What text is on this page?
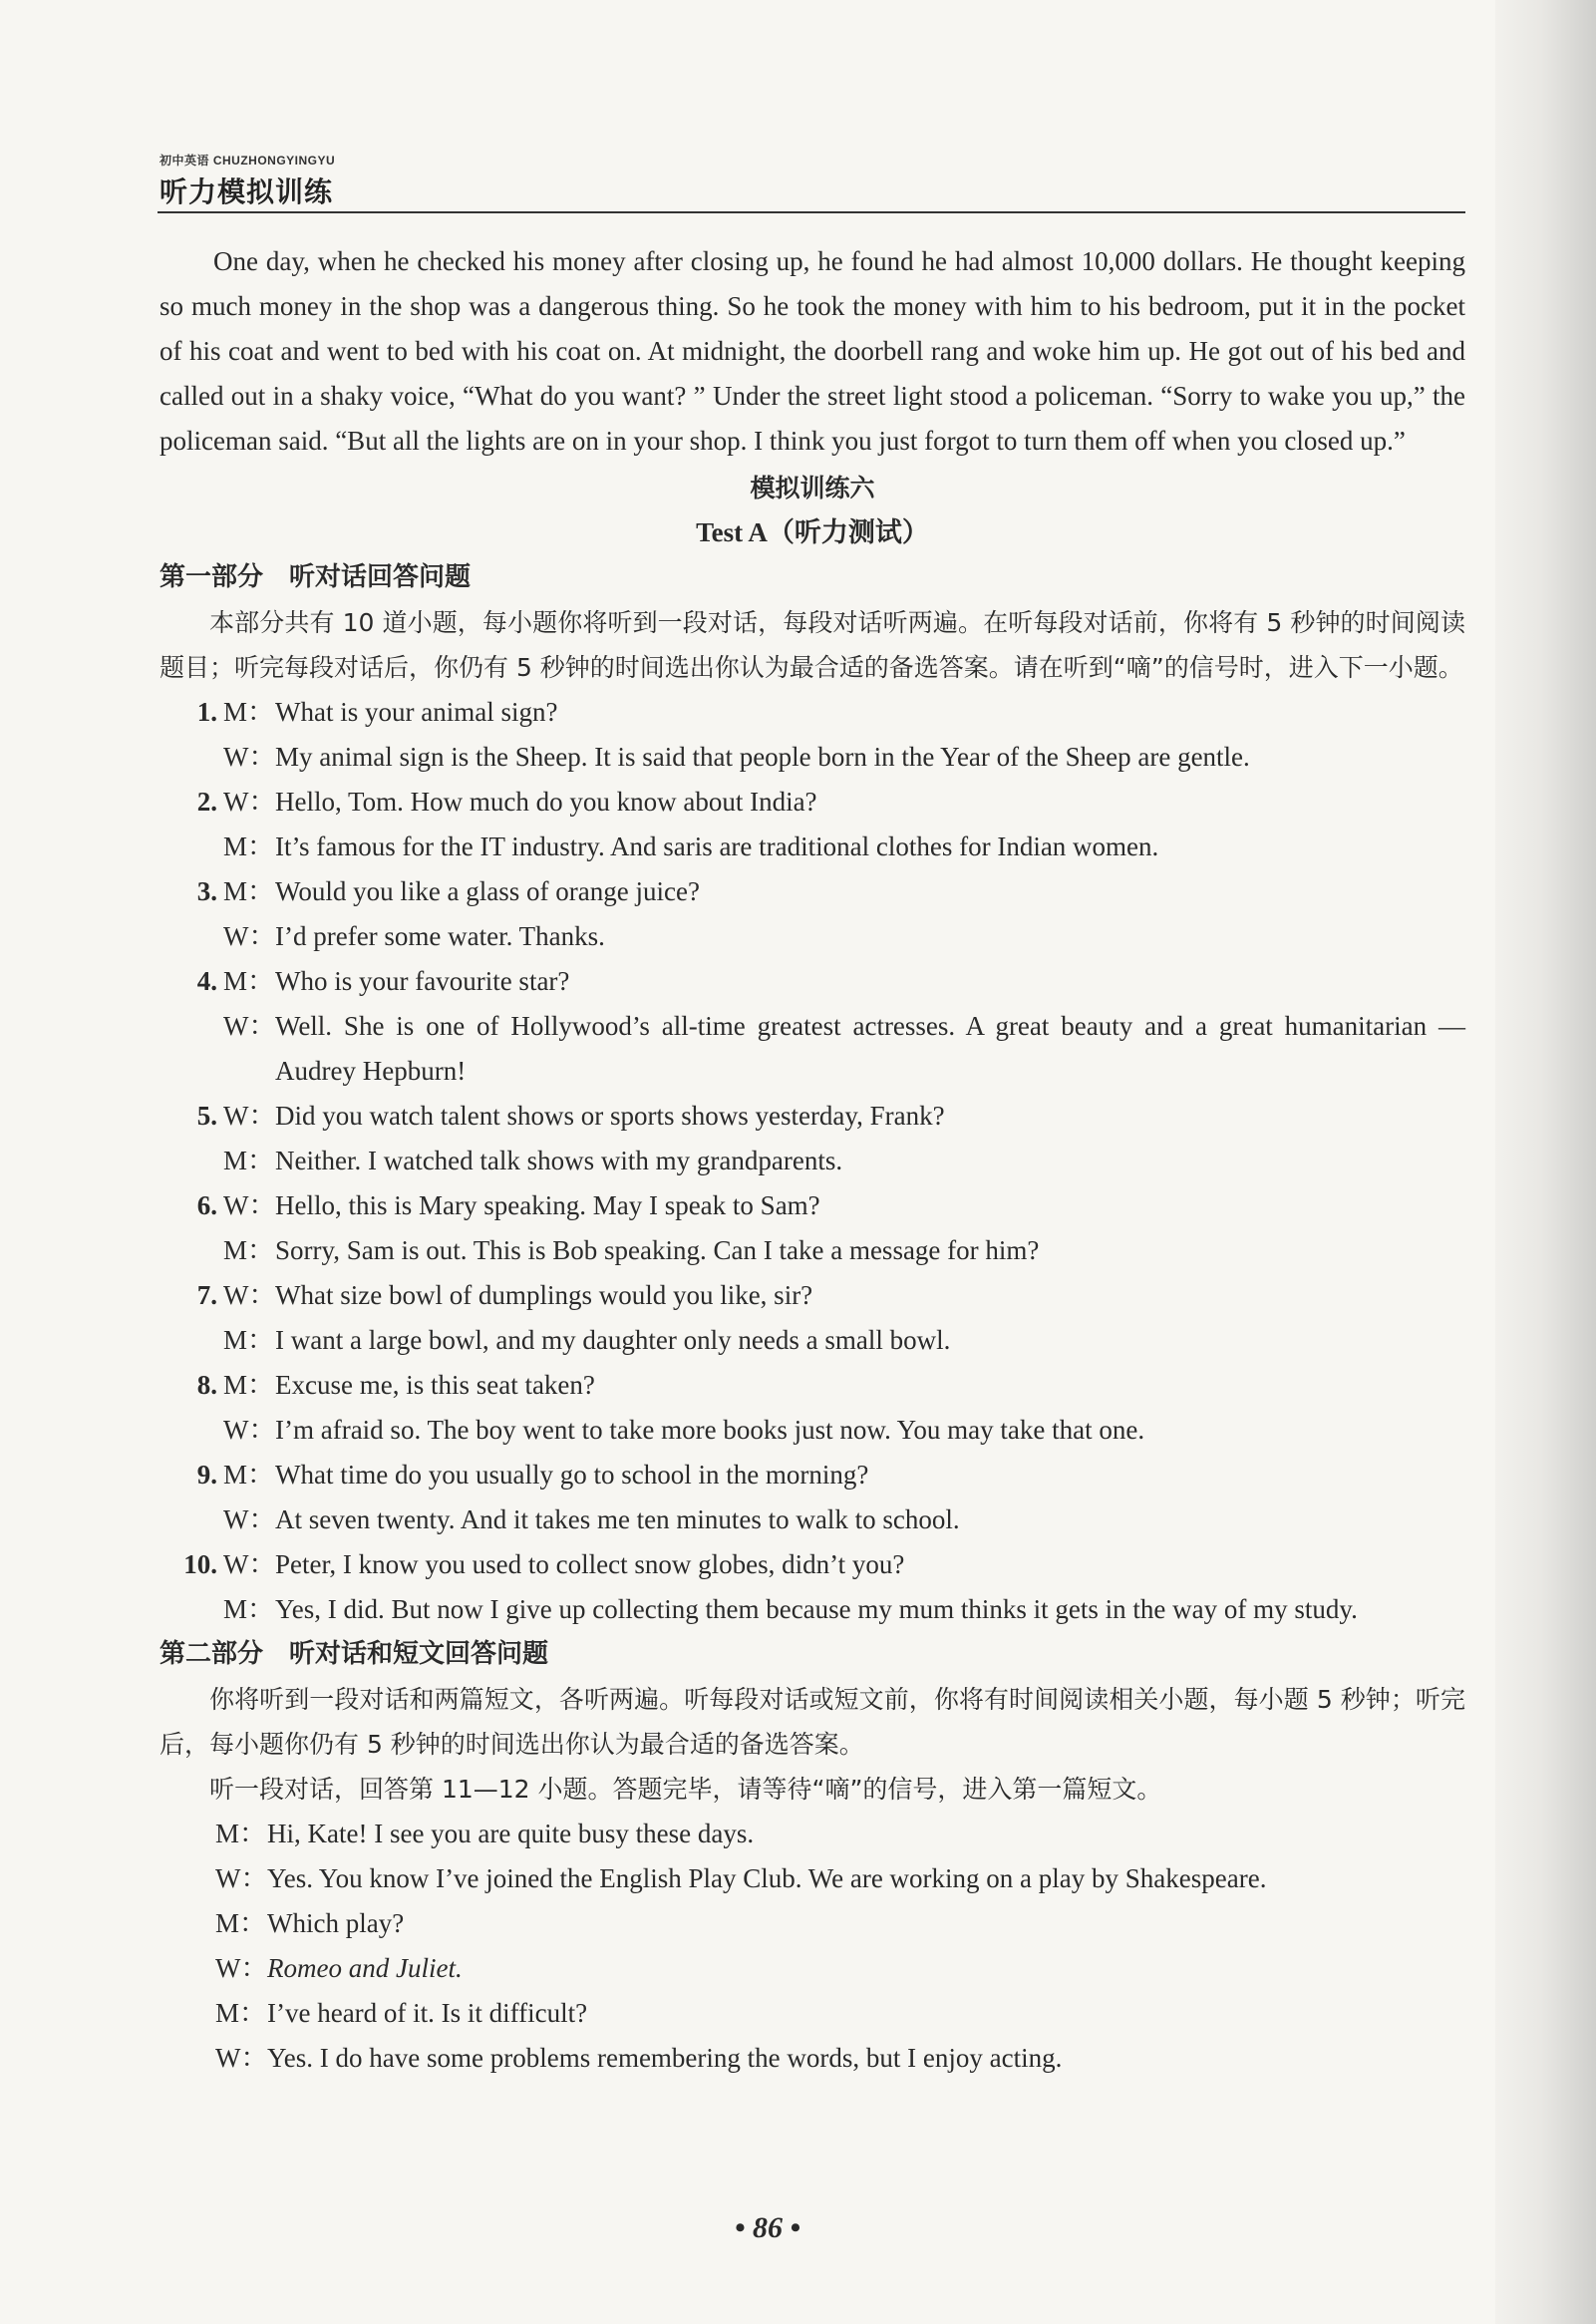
初中英语 CHUZHONGYINGYU
听力模拟训练

One day, when he checked his money after closing up, he found he had almost 10,000 dollars. He thought keeping so much money in the shop was a dangerous thing. So he took the money with him to his bedroom, put it in the pocket of his coat and went to bed with his coat on. At midnight, the doorbell rang and woke him up. He got out of his bed and called out in a shaky voice, “What do you want? ” Under the street light stood a policeman. “Sorry to wake you up,” the policeman said. “But all the lights are on in your shop. I think you just forgot to turn them off when you closed up.”

模拟训练六

Test A（听力测试）

第一部分　听对话回答问题

本部分共有 10 道小题，每小题你将听到一段对话，每段对话听两遍。在听每段对话前，你将有 5 秒钟的时间阅读题目；听完每段对话后，你仍有 5 秒钟的时间选出你认为最合适的备选答案。请在听到“嘀”的信号时，进入下一小题。

1. M： What is your animal sign?
W： My animal sign is the Sheep. It is said that people born in the Year of the Sheep are gentle.
2. W： Hello, Tom. How much do you know about India?
M： It’s famous for the IT industry. And saris are traditional clothes for Indian women.
3. M： Would you like a glass of orange juice?
W： I’d prefer some water. Thanks.
4. M： Who is your favourite star?
W： Well. She is one of Hollywood’s all-time greatest actresses. A great beauty and a great humanitarian — Audrey Hepburn!
5. W： Did you watch talent shows or sports shows yesterday, Frank?
M： Neither. I watched talk shows with my grandparents.
6. W： Hello, this is Mary speaking. May I speak to Sam?
M： Sorry, Sam is out. This is Bob speaking. Can I take a message for him?
7. W： What size bowl of dumplings would you like, sir?
M： I want a large bowl, and my daughter only needs a small bowl.
8. M： Excuse me, is this seat taken?
W： I’m afraid so. The boy went to take more books just now. You may take that one.
9. M： What time do you usually go to school in the morning?
W： At seven twenty. And it takes me ten minutes to walk to school.
10. W： Peter, I know you used to collect snow globes, didn’t you?
M： Yes, I did. But now I give up collecting them because my mum thinks it gets in the way of my study.

第二部分　听对话和短文回答问题

你将听到一段对话和两篇短文，各听两遍。听每段对话或短文前，你将有时间阅读相关小题，每小题 5 秒钟；听完后，每小题你仍有 5 秒钟的时间选出你认为最合适的备选答案。

听一段对话，回答第 11—12 小题。答题完毕，请等待“嘀”的信号，进入第一篇短文。

M： Hi, Kate! I see you are quite busy these days.
W： Yes. You know I’ve joined the English Play Club. We are working on a play by Shakespeare.
M： Which play?
W： Romeo and Juliet.
M： I’ve heard of it. Is it difficult?
W： Yes. I do have some problems remembering the words, but I enjoy acting.
• 86 •
